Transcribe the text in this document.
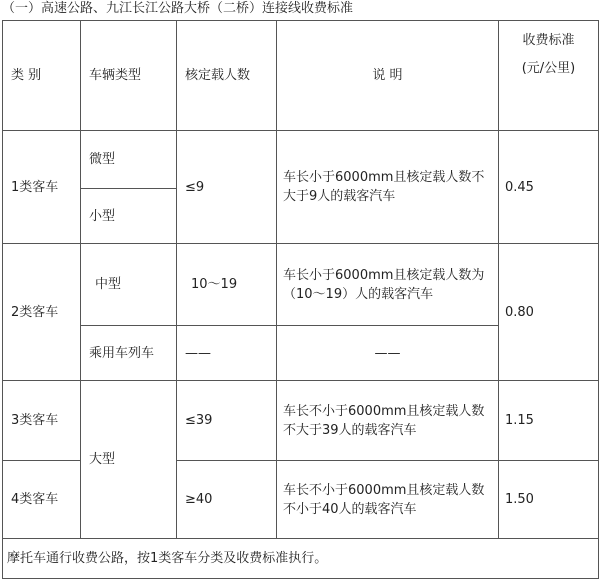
（一）高速公路、九江长江公路大桥（二桥）连接线收费标准
类 别	车辆类型	核定载人数	说 明	收费标准
(元/公里)

1类客车	微型	≤9	车长小于6000mm且核定载人数不大于9人的载客汽车	0.45
	小型			
2类客车	中型	10～19	车长小于6000mm且核定载人数为（10～19）人的载客汽车	0.80
	乘用车列车	——	——	
3类客车	大型	≤39	车长不小于6000mm且核定载人数不大于39人的载客汽车	1.15
4类客车		≥40	车长不小于6000mm且核定载人数不小于40人的载客汽车	1.50
摩托车通行收费公路，按1类客车分类及收费标准执行。				
